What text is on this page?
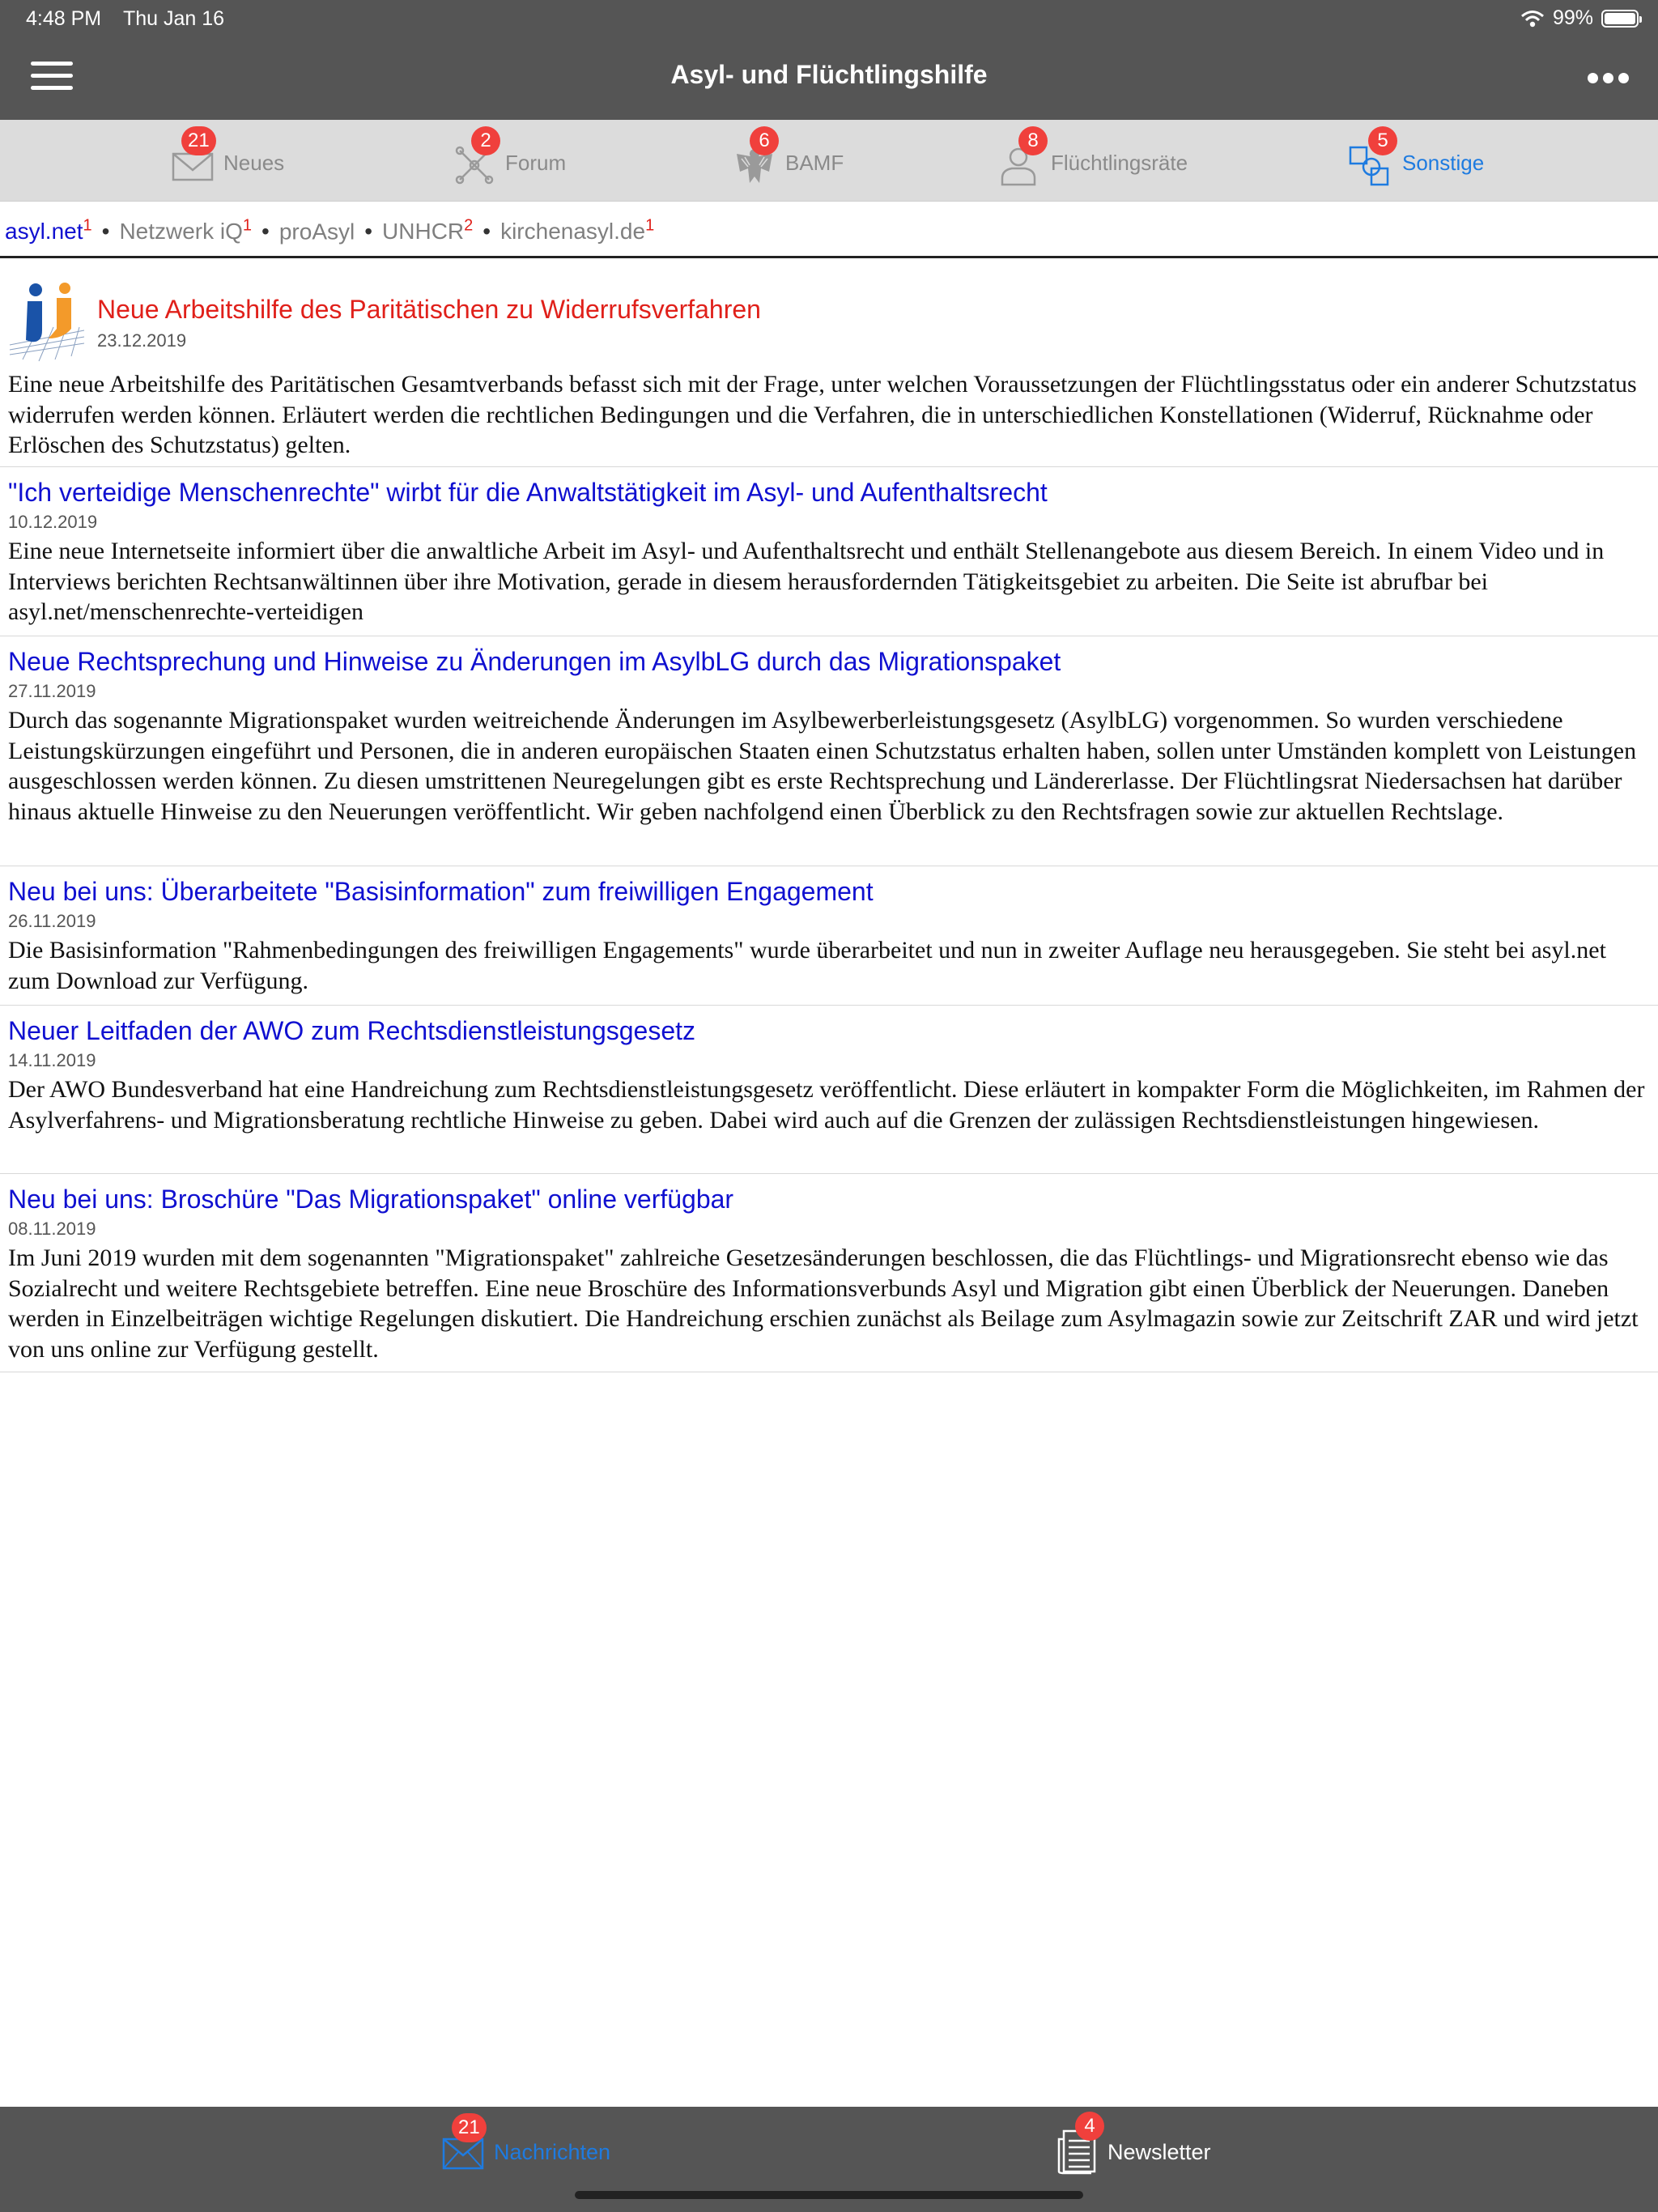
4:48 PM Thu Jan 16	99%
Asyl- und Flüchtlingshilfe
Neues
21
Forum
2
BAMF
6
Flüchtlingsräte
8
Sonstige
5
asyl.net$^1$ • Netzwerk $iQ^1$ • proAsyl • UNHCR$^2$ • $kirchenasyl.de^1$
Neue Arbeitshilfe des Paritätischen zu Widerrufsverfahren
23.12.2019
Eine neue Arbeitshilfe des Paritätischen Gesamtverbands befasst sich mit der Frage, unter welchen Voraussetzungen der Flüchtlingsstatus oder ein anderer Schutzstatus widerrufen werden können. Erläutert werden die rechtlichen Bedingungen und die Verfahren, die in unterschiedlichen Konstellationen (Widerruf, Rücknahme oder Erlöschen des Schutzstatus) gelten.
"Ich verteidige Menschenrechte" wirbt für die Anwaltstätigkeit im Asyl- und Aufenthaltsrecht
10.12.2019
Eine neue Internetseite informiert über die anwaltliche Arbeit im Asyl- und Aufenthaltsrecht und enthält Stellenangebote aus diesem Bereich. In einem Video und in Interviews berichten Rechtsanwältinnen über ihre Motivation, gerade in diesem herausfordernden Tätigkeitsgebiet zu arbeiten. Die Seite ist abrufbar bei asyl.net/menschenrechte-verteidigen
Neue Rechtsprechung und Hinweise zu Änderungen im AsylbLG durch das Migrationspaket
27.11.2019
Durch das sogenannte Migrationspaket wurden weitreichende Änderungen im Asylbewerberleistungsgesetz (AsylbLG) vorgenommen. So wurden verschiedene Leistungskürzungen eingeführt und Personen, die in anderen europäischen Staaten einen Schutzstatus erhalten haben, sollen unter Umständen komplett von Leistungen ausgeschlossen werden können. Zu diesen umstrittenen Neuregelungen gibt es erste Rechtsprechung und Ländererlasse. Der Flüchtlingsrat Niedersachsen hat darüber hinaus aktuelle Hinweise zu den Neuerungen veröffentlicht. Wir geben nachfolgend einen Überblick zu den Rechtsfragen sowie zur aktuellen Rechtslage.
Neu bei uns: Überarbeitete "Basisinformation" zum freiwilligen Engagement
26.11.2019
Die Basisinformation "Rahmenbedingungen des freiwilligen Engagements" wurde überarbeitet und nun in zweiter Auflage neu herausgegeben. Sie steht bei asyl.net zum Download zur Verfügung.
Neuer Leitfaden der AWO zum Rechtsdienstleistungsgesetz
14.11.2019
Der AWO Bundesverband hat eine Handreichung zum Rechtsdienstleistungsgesetz veröffentlicht. Diese erläutert in kompakter Form die Möglichkeiten, im Rahmen der Asylverfahrens- und Migrationsberatung rechtliche Hinweise zu geben. Dabei wird auch auf die Grenzen der zulässigen Rechtsdienstleistungen hingewiesen.
Neu bei uns: Broschüre "Das Migrationspaket" online verfügbar
08.11.2019
Im Juni 2019 wurden mit dem sogenannten "Migrationspaket" zahlreiche Gesetzesänderungen beschlossen, die das Flüchtlings- und Migrationsrecht ebenso wie das Sozialrecht und weitere Rechtsgebiete betreffen. Eine neue Broschüre des Informationsverbunds Asyl und Migration gibt einen Überblick der Neuerungen. Daneben werden in Einzelbeiträgen wichtige Regelungen diskutiert. Die Handreichung erschien zunächst als Beilage zum Asylmagazin sowie zur Zeitschrift ZAR und wird jetzt von uns online zur Verfügung gestellt.
Nachrichten
21
Newsletter
4
